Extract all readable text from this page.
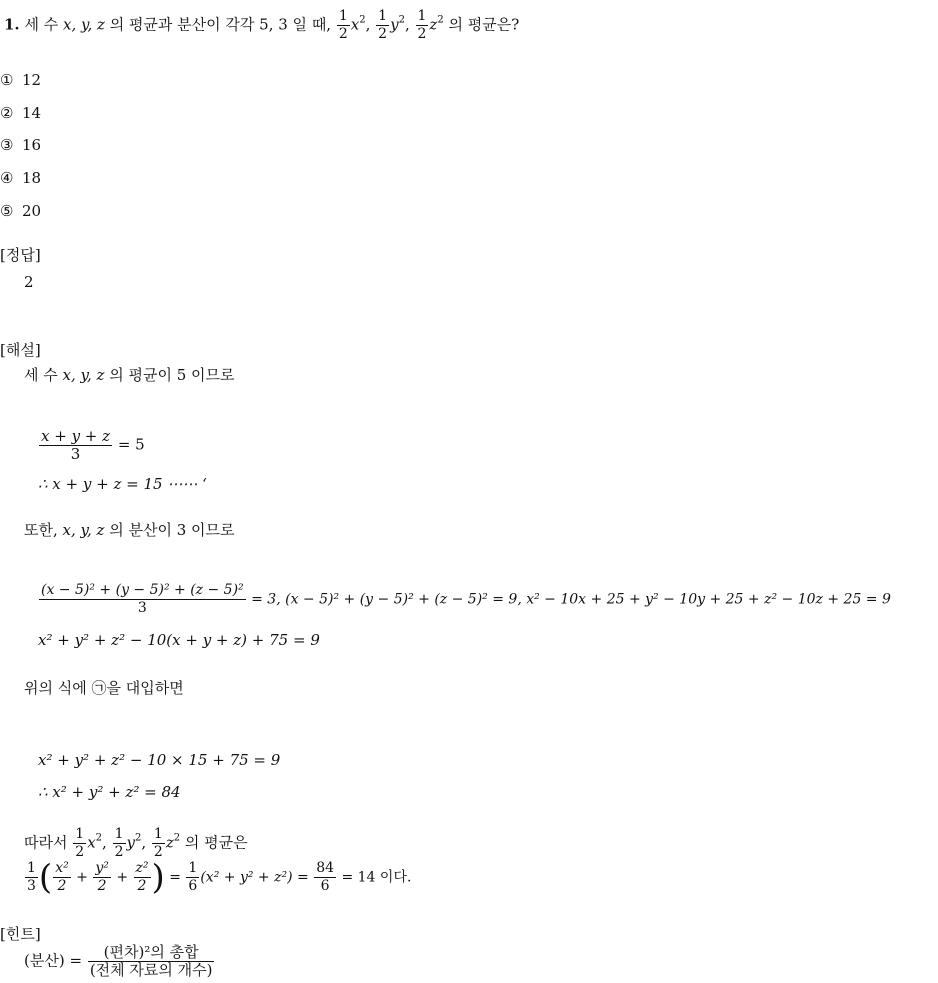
1. 세 수 x, y, z 의 평균과 분산이 각각 5, 3 일 때, $\frac{1}{2} x^2$, $\frac{1}{2} y^2$, $\frac{1}{2} z^2$ 의 평균은?
① 12
② 14
③ 16
④ 18
⑤ 20
[정답]
2
[해설]
세 수 x, y, z 의 평균이 5 이므로
$\frac{x + y + z}{3} = 5$
∴ x + y + z = 15 ⋯⋯ ‘
또한, x, y, z 의 분산이 3 이므로
$\frac{\text{(x − 5)² + (y − 5)² + (z − 5)²}}{3} = 3$, (x − 5)² + (y − 5)² + (z − 5)² = 9, x² − 10x + 25 + y² − 10y + 25 + z² − 10z + 25 = 9
x² + y² + z² − 10(x + y + z) + 75 = 9
위의 식에 ㉠을 대입하면
x² + y² + z² − 10 × 15 + 75 = 9
∴ x² + y² + z² = 84
따라서 $\frac{1}{2} x^2$, $\frac{1}{2} y^2$, $\frac{1}{2} z^2$ 의 평균은
$\frac{1}{3}$ ( $\frac{\text{x²}}{2} + \frac{\text{y²}}{2} + \frac{\text{z²}}{2}$ ) = $\frac{1}{6} (x^2 + y^2 + z^2) = \frac{84}{6} = 14$ 이다.
[힌트]
(분산) = $\frac{\text{(편차)²의 총합}}{\text{(전체 자료의 개수)}}$
